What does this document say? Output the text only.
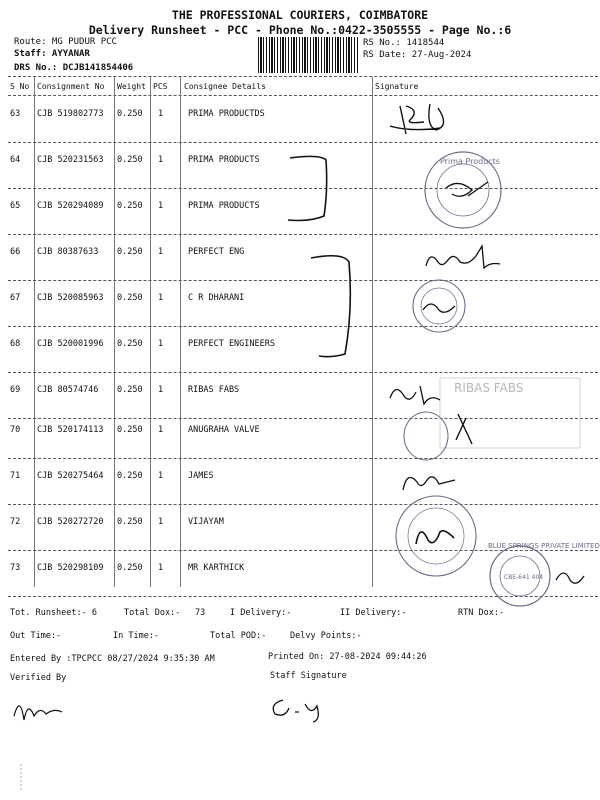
THE PROFESSIONAL COURIERS, COIMBATORE
Delivery Runsheet - PCC - Phone No.:0422-3505555 - Page No.:6
Route: MG PUDUR PCC
Staff: AYYANAR
DRS No.: DCJB141854406
RS No.: 1418544
RS Date: 27-Aug-2024
S No Consignment No Weight PCS Consignee Details	Signature
63 CJB 519802773 0.250 1	PRIMA PRODUCTDS
64 CJB 520231563 0.250 1	PRIMA PRODUCTS
65 CJB 520294089 0.250 1	PRIMA PRODUCTS
66 CJB 80387633 0.250 1	PERFECT ENG
67 CJB 520085963 0.250 1	C R DHARANI
68 CJB 520001996 0.250 1	PERFECT ENGINEERS
69 CJB 80574746 0.250 1	RIBAS FABS
70 CJB 520174113 0.250 1	ANUGRAHA VALVE
71 CJB 520275464 0.250 1	JAMES
72 CJB 520272720 0.250 1	VIJAYAM
73 CJB 520298109 0.250 1	MR KARTHICK
Prima Products
RIBAS FABS
BLUE SPRINGS PRIVATE LIMITED
CBE-641 404
Tot. Runsheet:- 6	Total Dox:- 73	I Delivery:-	II Delivery:-	RTN Dox:-
Out Time:-	In Time:-	Total POD:-	Delvy Points:-
Entered By :TPCPCC 08/27/2024 9:35:30 AM	Printed On: 27-08-2024 09:44:26
Verified By	Staff Signature
